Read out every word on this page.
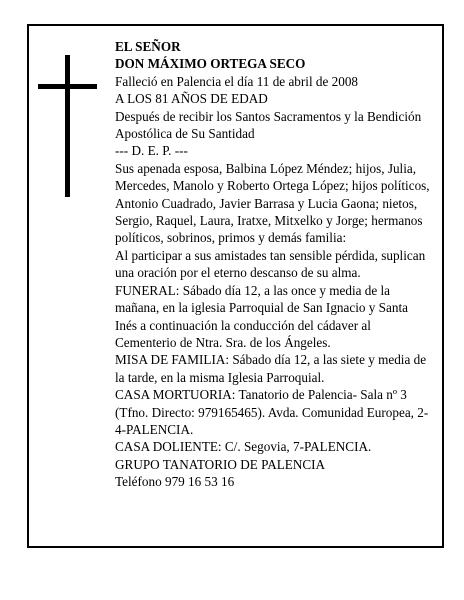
EL SEÑOR

DON MÁXIMO ORTEGA SECO

Falleció en Palencia el día 11 de abril de 2008

A LOS 81 AÑOS DE EDAD

Después de recibir los Santos Sacramentos y la Bendición Apostólica de Su Santidad

--- D. E. P. ---

Sus apenada esposa, Balbina López Méndez; hijos, Julia, Mercedes, Manolo y Roberto Ortega López; hijos políticos, Antonio Cuadrado, Javier Barrasa y Lucia Gaona; nietos, Sergio, Raquel, Laura, Iratxe, Mitxelko y Jorge; hermanos políticos, sobrinos, primos y demás familia:

Al participar a sus amistades tan sensible pérdida, suplican una oración por el eterno descanso de su alma.

FUNERAL: Sábado día 12, a las once y media de la mañana, en la iglesia Parroquial de San Ignacio y Santa Inés a continuación la conducción del cádaver al Cementerio de Ntra. Sra. de los Ángeles.

MISA DE FAMILIA: Sábado día 12, a las siete y media de la tarde, en la misma Iglesia Parroquial.

CASA MORTUORIA: Tanatorio de Palencia- Sala nº 3 (Tfno. Directo: 979165465). Avda. Comunidad Europea, 2-4-PALENCIA.

CASA DOLIENTE: C/. Segovia, 7-PALENCIA.

GRUPO TANATORIO DE PALENCIA

Teléfono 979 16 53 16
